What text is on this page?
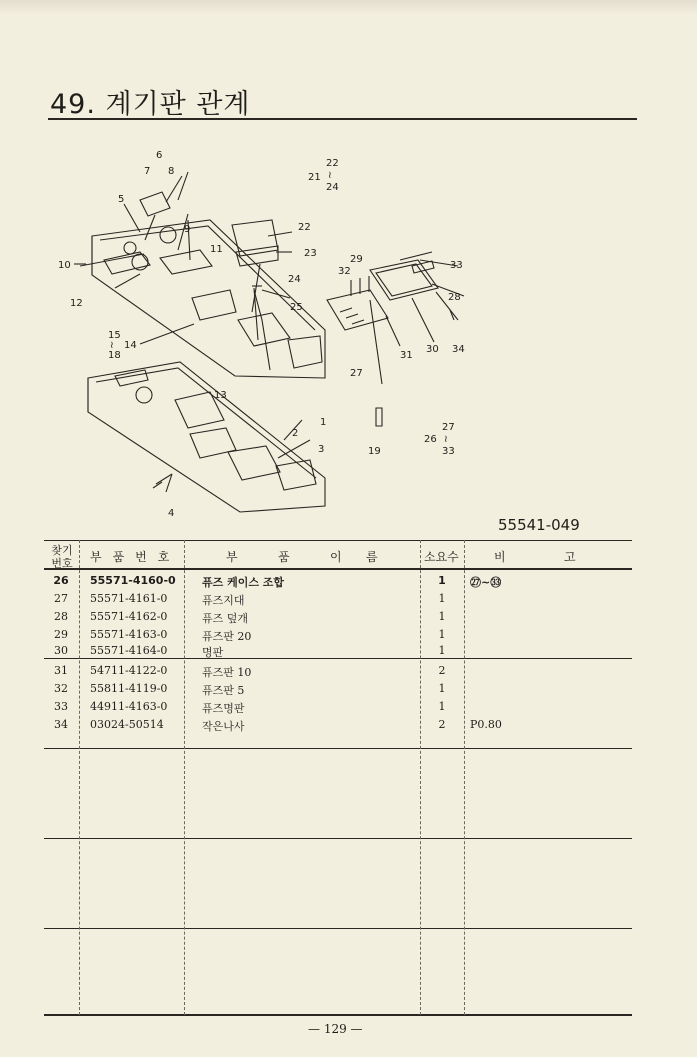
49. 계기판 관계
6
7 8
5
9
10
11
12
15
≀
18
14
13
21
22
≀
24
22
23
24
25
29
32
33
28
34
30
31
27
1
2
3	19
27
≀
33
26
4
55541-049
찾기
번호	부품번호	부	품	이 름	소요수	비	고
26	55571-4160-0 퓨즈 케이스 조합	1	㉗~㉝
27	55571-4161-0	퓨즈지대	1
28	55571-4162-0	퓨즈 덮개	1
29	55571-4163-0	퓨즈판 20	1
30	55571-4164-0	명판	1
31	54711-4122-0	퓨즈판 10	2
32	55811-4119-0	퓨즈판 5	1
33	44911-4163-0	퓨즈명판	1
34	03024-50514	작은나사	2	P0.80
— 129 —
